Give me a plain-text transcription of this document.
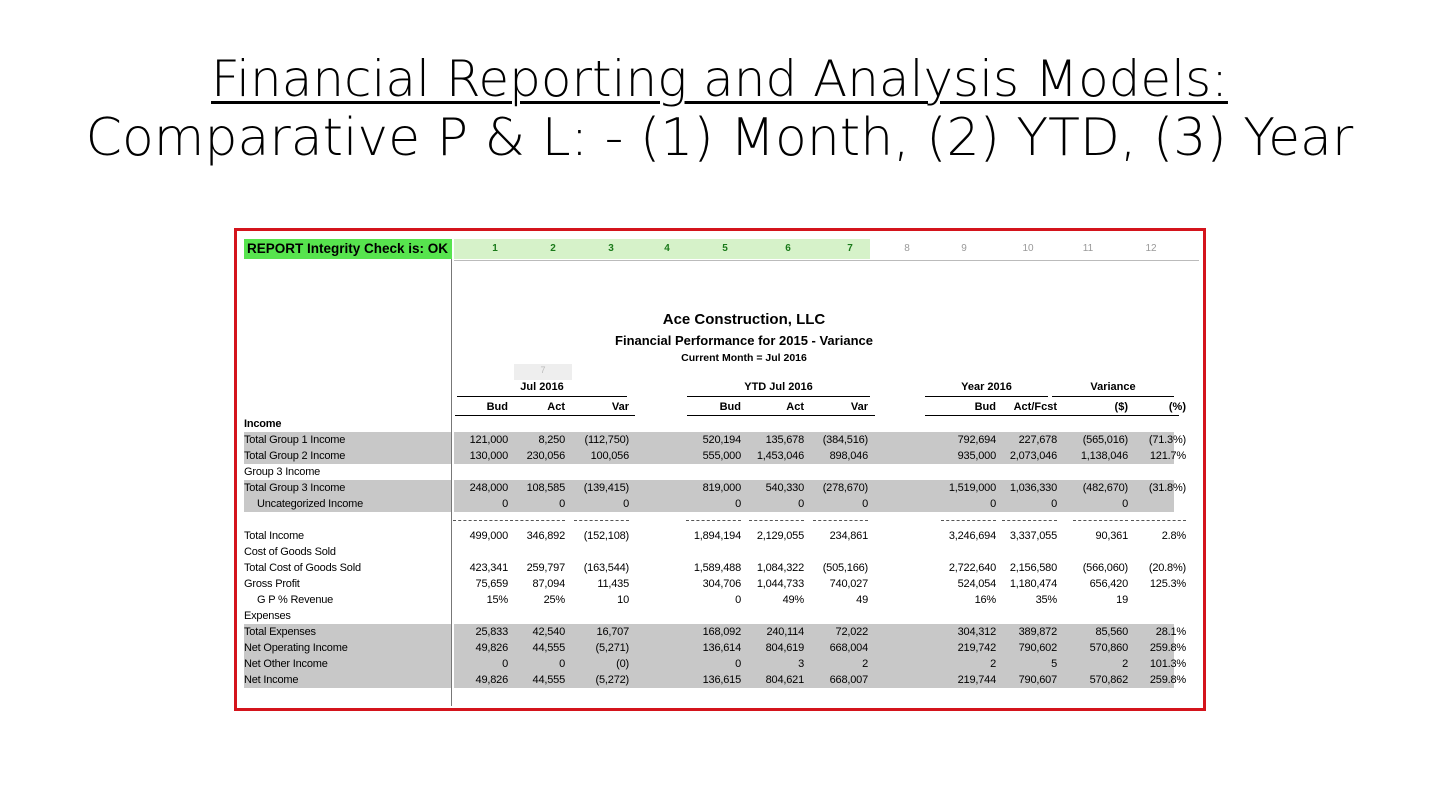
Financial Reporting and Analysis Models:
Comparative P & L: - (1) Month, (2) YTD, (3) Year
REPORT Integrity Check is: OK
Ace Construction, LLC
Financial Performance for 2015 - Variance
Current Month = Jul 2016
7
1	2	3	4	5	6	7	8	9	10	11	12
Jul 2016	YTD Jul 2016	Year 2016	Variance
Bud	Act	Var	Bud	Act	Var	Bud	Act/Fcst	($)	(%)
Income
Total Group 1 Income	121,000	8,250	(112,750)	520,194	135,678	(384,516)	792,694	227,678	(565,016)	(71.3%)
Total Group 2 Income	130,000	230,056	100,056	555,000	1,453,046	898,046	935,000	2,073,046	1,138,046	121.7%
Group 3 Income
Total Group 3 Income	248,000	108,585	(139,415)	819,000	540,330	(278,670)	1,519,000	1,036,330	(482,670)	(31.8%)
Uncategorized Income	0	0	0	0	0	0	0	0	0
Total Income	499,000	346,892	(152,108)	1,894,194	2,129,055	234,861	3,246,694	3,337,055	90,361	2.8%
Cost of Goods Sold
Total Cost of Goods Sold	423,341	259,797	(163,544)	1,589,488	1,084,322	(505,166)	2,722,640	2,156,580	(566,060)	(20.8%)
Gross Profit	75,659	87,094	11,435	304,706	1,044,733	740,027	524,054	1,180,474	656,420	125.3%
G P % Revenue	15%	25%	10	0	49%	49	16%	35%	19
Expenses
Total Expenses	25,833	42,540	16,707	168,092	240,114	72,022	304,312	389,872	85,560	28.1%
Net Operating Income	49,826	44,555	(5,271)	136,614	804,619	668,004	219,742	790,602	570,860	259.8%
Net Other Income	0	0	(0)	0	3	2	2	5	2	101.3%
Net Income	49,826	44,555	(5,272)	136,615	804,621	668,007	219,744	790,607	570,862	259.8%
